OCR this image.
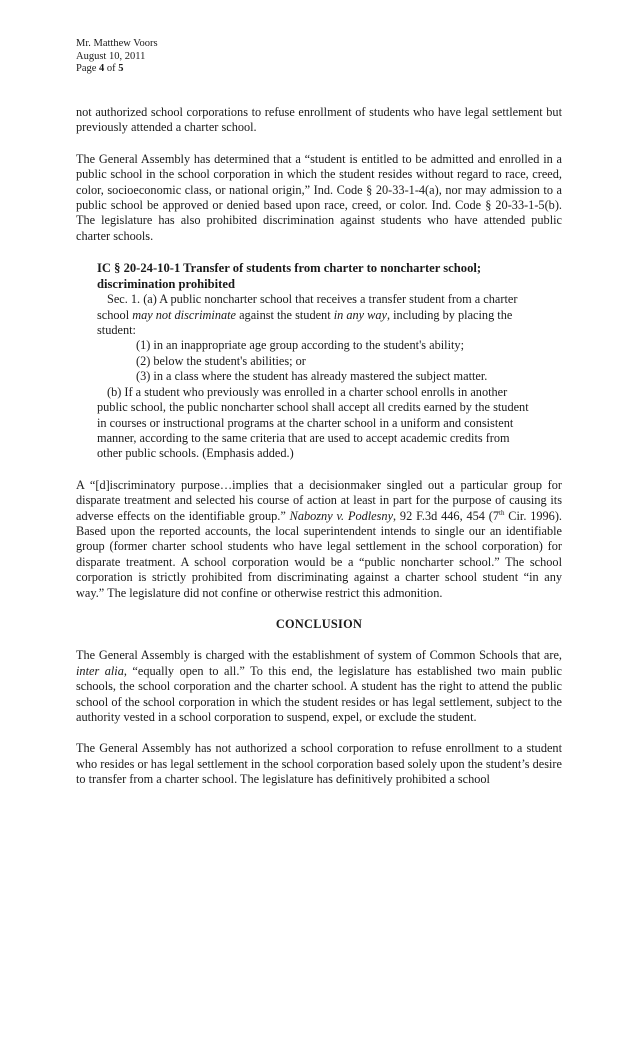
Mr. Matthew Voors
August 10, 2011
Page 4 of 5

not authorized school corporations to refuse enrollment of students who have legal settlement but previously attended a charter school.

The General Assembly has determined that a “student is entitled to be admitted and enrolled in a public school in the school corporation in which the student resides without regard to race, creed, color, socioeconomic class, or national origin,” Ind. Code § 20-33-1-4(a), nor may admission to a public school be approved or denied based upon race, creed, or color. Ind. Code § 20-33-1-5(b). The legislature has also prohibited discrimination against students who have attended public charter schools.

IC § 20-24-10-1 Transfer of students from charter to noncharter school;
discrimination prohibited
Sec. 1. (a) A public noncharter school that receives a transfer student from a charter
school may not discriminate against the student in any way, including by placing the
student:
(1) in an inappropriate age group according to the student's ability;
(2) below the student's abilities; or
(3) in a class where the student has already mastered the subject matter.
(b) If a student who previously was enrolled in a charter school enrolls in another
public school, the public noncharter school shall accept all credits earned by the student
in courses or instructional programs at the charter school in a uniform and consistent
manner, according to the same criteria that are used to accept academic credits from
other public schools. (Emphasis added.)

A “[d]iscriminatory purpose…implies that a decisionmaker singled out a particular group for disparate treatment and selected his course of action at least in part for the purpose of causing its adverse effects on the identifiable group.” Nabozny v. Podlesny, 92 F.3d 446, 454 (7th Cir. 1996). Based upon the reported accounts, the local superintendent intends to single our an identifiable group (former charter school students who have legal settlement in the school corporation) for disparate treatment. A school corporation would be a “public noncharter school.” The school corporation is strictly prohibited from discriminating against a charter school student “in any way.” The legislature did not confine or otherwise restrict this admonition.

CONCLUSION

The General Assembly is charged with the establishment of system of Common Schools that are, inter alia, “equally open to all.” To this end, the legislature has established two main public schools, the school corporation and the charter school. A student has the right to attend the public school of the school corporation in which the student resides or has legal settlement, subject to the authority vested in a school corporation to suspend, expel, or exclude the student.

The General Assembly has not authorized a school corporation to refuse enrollment to a student who resides or has legal settlement in the school corporation based solely upon the student’s desire to transfer from a charter school. The legislature has definitively prohibited a school
